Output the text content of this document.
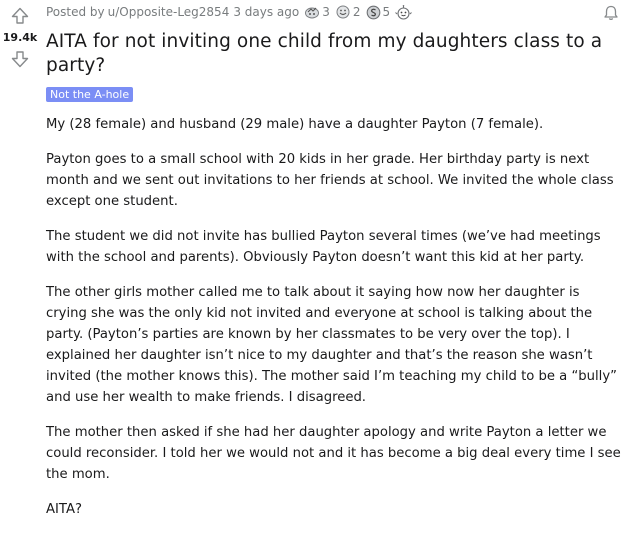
19.4k
Posted by u/Opposite-Leg2854 3 days ago 3 2 5
AITA for not inviting one child from my daughters class to a party?
Not the A-hole

My (28 female) and husband (29 male) have a daughter Payton (7 female).

Payton goes to a small school with 20 kids in her grade. Her birthday party is next month and we sent out invitations to her friends at school. We invited the whole class except one student.

The student we did not invite has bullied Payton several times (we’ve had meetings with the school and parents). Obviously Payton doesn’t want this kid at her party.

The other girls mother called me to talk about it saying how now her daughter is crying she was the only kid not invited and everyone at school is talking about the party. (Payton’s parties are known by her classmates to be very over the top). I explained her daughter isn’t nice to my daughter and that’s the reason she wasn’t invited (the mother knows this). The mother said I’m teaching my child to be a “bully” and use her wealth to make friends. I disagreed.

The mother then asked if she had her daughter apology and write Payton a letter we could reconsider. I told her we would not and it has become a big deal every time I see the mom.

AITA?
